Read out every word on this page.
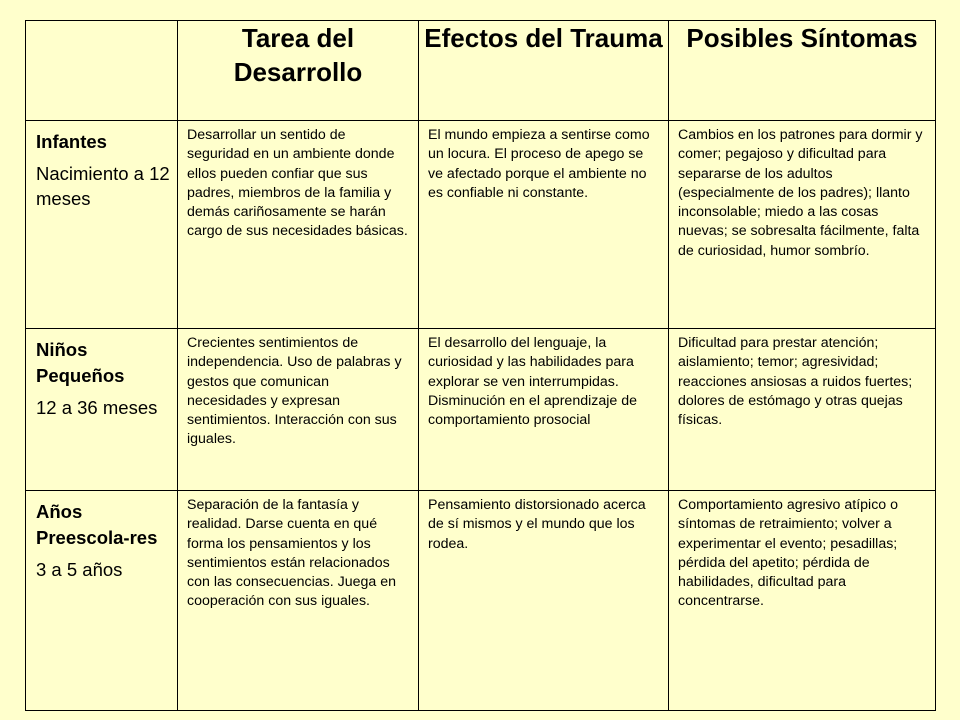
	Tarea del Desarrollo	Efectos del Trauma	Posibles Síntomas

Infantes
Nacimiento a 12 meses	Desarrollar un sentido de seguridad en un ambiente donde ellos pueden confiar que sus padres, miembros de la familia y demás cariñosamente se harán cargo de sus necesidades básicas.	El mundo empieza a sentirse como un locura. El proceso de apego se ve afectado porque el ambiente no es confiable ni constante.	Cambios en los patrones para dormir y comer; pegajoso y dificultad para separarse de los adultos (especialmente de los padres); llanto inconsolable; miedo a las cosas nuevas; se sobresalta fácilmente, falta de curiosidad, humor sombrío.

Niños Pequeños
12 a 36 meses	Crecientes sentimientos de independencia. Uso de palabras y gestos que comunican necesidades y expresan sentimientos. Interacción con sus iguales.	El desarrollo del lenguaje, la curiosidad y las habilidades para explorar se ven interrumpidas. Disminución en el aprendizaje de comportamiento prosocial	Dificultad para prestar atención; aislamiento; temor; agresividad; reacciones ansiosas a ruidos fuertes; dolores de estómago y otras quejas físicas.

Años Preescola-res
3 a 5 años	Separación de la fantasía y realidad. Darse cuenta en qué forma los pensamientos y los sentimientos están relacionados con las consecuencias. Juega en cooperación con sus iguales.	Pensamiento distorsionado acerca de sí mismos y el mundo que los rodea.	Comportamiento agresivo atípico o síntomas de retraimiento; volver a experimentar el evento; pesadillas; pérdida del apetito; pérdida de habilidades, dificultad para concentrarse.
